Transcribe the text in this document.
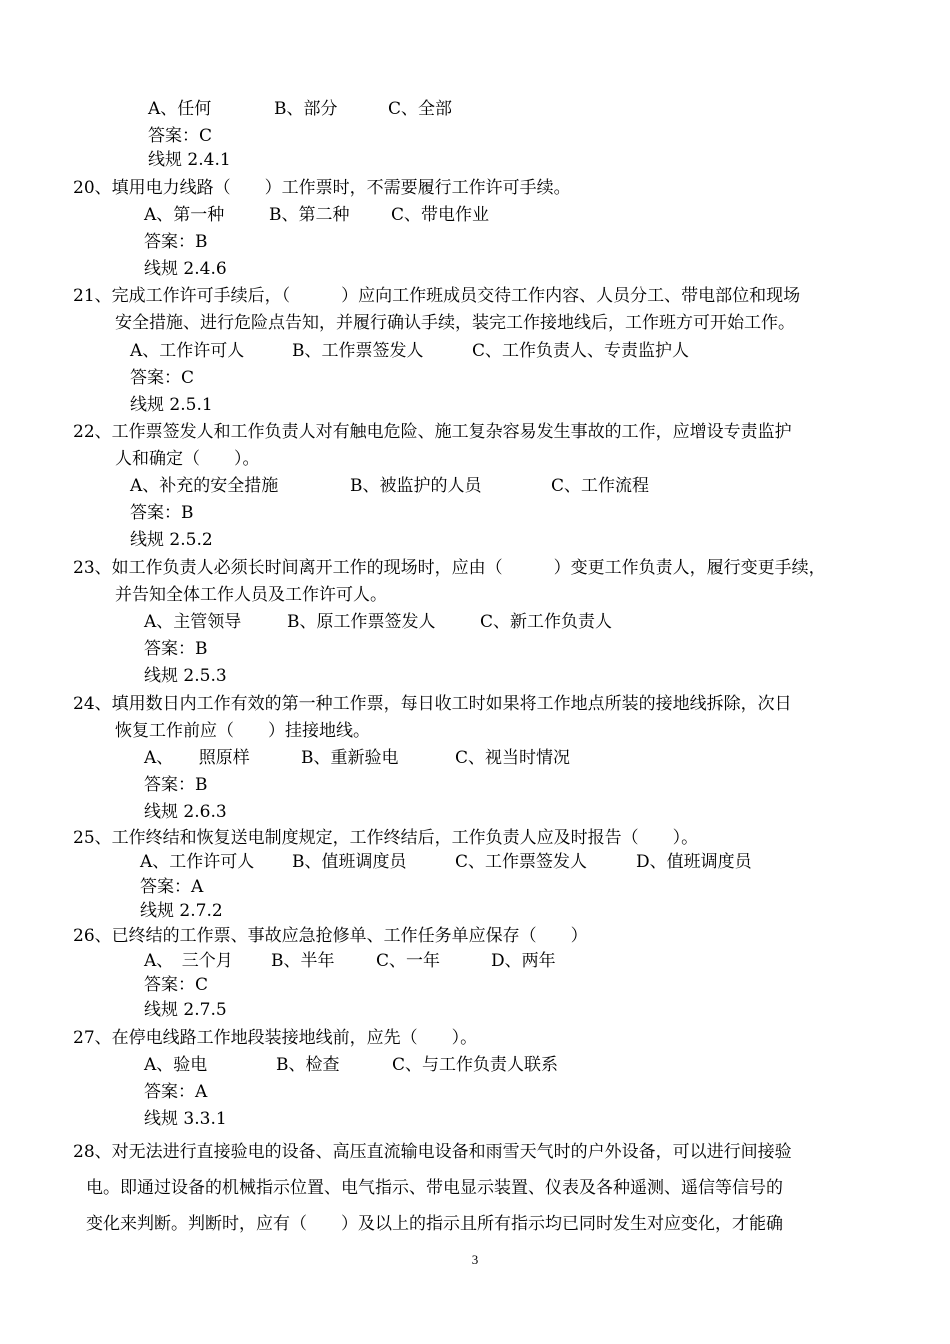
A、任何

	B、部分

	C、全部

答案：C
线规 2.4.1
20、填用电力线路（　　）工作票时，不需要履行工作许可手续。

A、第一种

	B、第二种

C、带电作业

答案：B
线规 2.4.6
21、完成工作许可手续后，（　　　）应向工作班成员交待工作内容、人员分工、带电部位和现场
安全措施、进行危险点告知，并履行确认手续，装完工作接地线后，工作班方可开始工作。

A、工作许可人

	B、工作票签发人

	C、工作负责人、专责监护人

答案：C
线规 2.5.1
22、工作票签发人和工作负责人对有触电危险、施工复杂容易发生事故的工作，应增设专责监护
人和确定（　　）。

A、补充的安全措施

	B、被监护的人员

	C、工作流程

答案：B
线规 2.5.2
23、如工作负责人必须长时间离开工作的现场时，应由（　　　）变更工作负责人，履行变更手续，
并告知全体工作人员及工作许可人。

A、主管领导

	B、原工作票签发人

	C、新工作负责人

答案：B
线规 2.5.3
24、填用数日内工作有效的第一种工作票，每日收工时如果将工作地点所装的接地线拆除，次日
恢复工作前应（　　）挂接地线。

A、　　照原样

	B、重新验电

	C、视当时情况

答案：B
线规 2.6.3
25、工作终结和恢复送电制度规定，工作终结后，工作负责人应及时报告（　　）。

A、工作许可人

B、值班调度员

	C、工作票签发人

	D、值班调度员

答案：A
线规 2.7.2
26、已终结的工作票、事故应急抢修单、工作任务单应保存（　　）

A、　三个月

B、半年

C、一年

	D、两年

答案：C
线规 2.7.5
27、在停电线路工作地段装接地线前，应先（　　）。

A、验电

	B、检查

	C、与工作负责人联系

答案：A
线规 3.3.1
28、对无法进行直接验电的设备、高压直流输电设备和雨雪天气时的户外设备，可以进行间接验
电。即通过设备的机械指示位置、电气指示、带电显示装置、仪表及各种遥测、遥信等信号的
变化来判断。判断时，应有（　　）及以上的指示且所有指示均已同时发生对应变化，才能确
3
